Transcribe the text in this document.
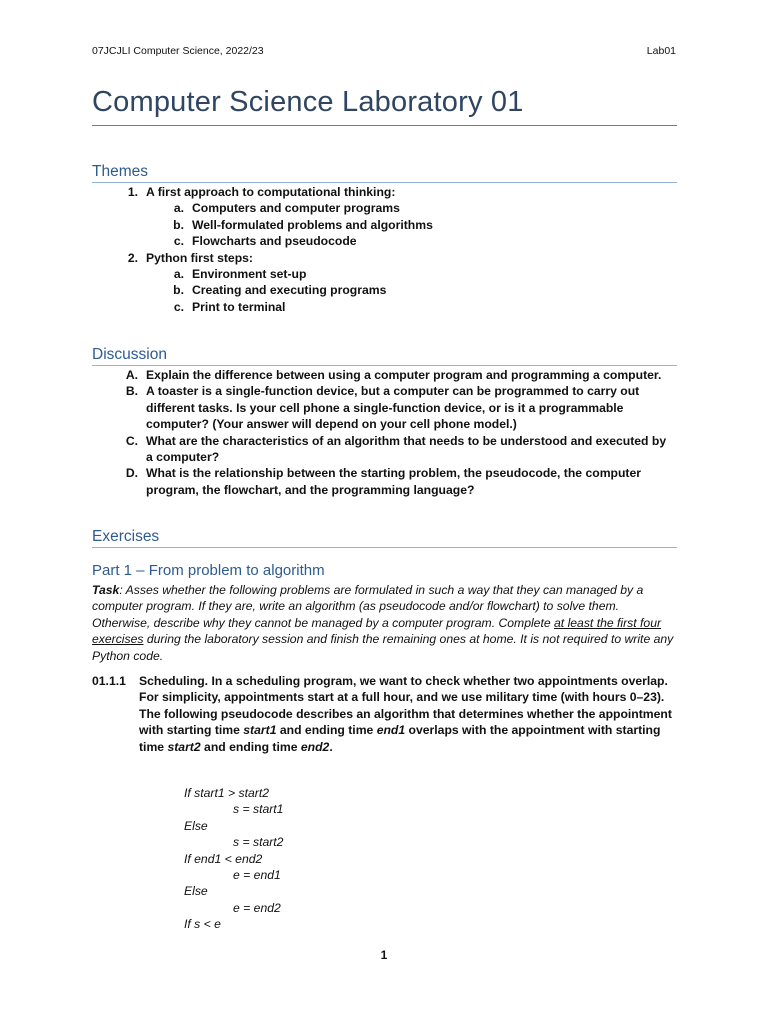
07JCJLI Computer Science, 2022/23	Lab01
Computer Science Laboratory 01
Themes
1. A first approach to computational thinking:
a. Computers and computer programs
b. Well-formulated problems and algorithms
c. Flowcharts and pseudocode
2. Python first steps:
a. Environment set-up
b. Creating and executing programs
c. Print to terminal
Discussion
A. Explain the difference between using a computer program and programming a computer.
B. A toaster is a single-function device, but a computer can be programmed to carry out different tasks. Is your cell phone a single-function device, or is it a programmable computer? (Your answer will depend on your cell phone model.)
C. What are the characteristics of an algorithm that needs to be understood and executed by a computer?
D. What is the relationship between the starting problem, the pseudocode, the computer program, the flowchart, and the programming language?
Exercises
Part 1 – From problem to algorithm
Task: Asses whether the following problems are formulated in such a way that they can managed by a computer program. If they are, write an algorithm (as pseudocode and/or flowchart) to solve them. Otherwise, describe why they cannot be managed by a computer program. Complete at least the first four exercises during the laboratory session and finish the remaining ones at home. It is not required to write any Python code.
01.1.1	Scheduling. In a scheduling program, we want to check whether two appointments overlap. For simplicity, appointments start at a full hour, and we use military time (with hours 0–23). The following pseudocode describes an algorithm that determines whether the appointment with starting time start1 and ending time end1 overlaps with the appointment with starting time start2 and ending time end2.
If start1 > start2
s = start1
Else
s = start2
If end1 < end2
e = end1
Else
e = end2
If s < e
1
